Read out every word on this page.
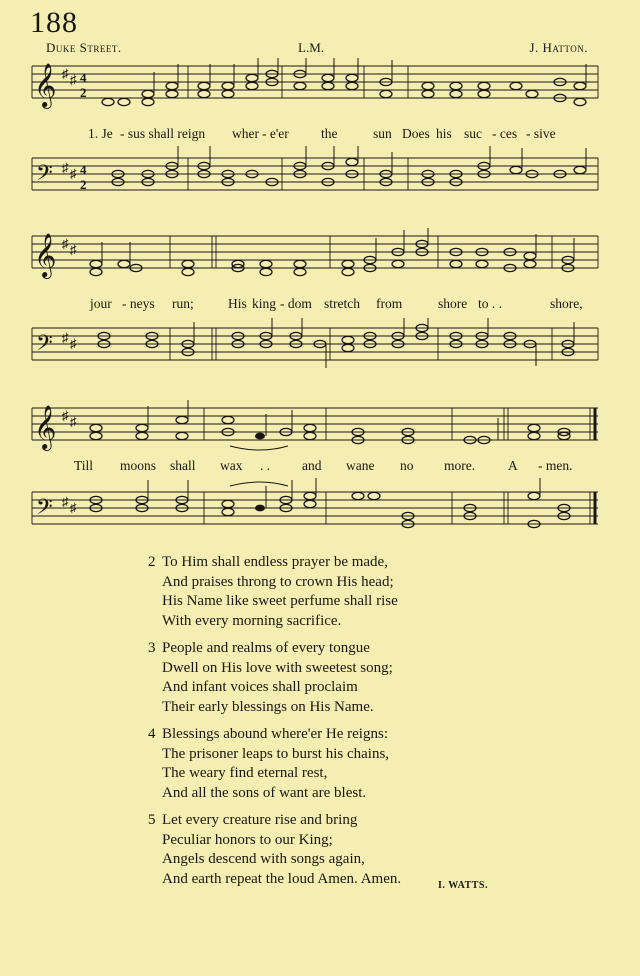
188
Duke Street.	L.M.	J. Hatton.
𝄞 ♯ ♯ 4
2
1. Je - sus shall reign wher - e'er the	sun Does his suc - ces - sive
𝄢 ♯ ♯ 4
2
𝄞 ♯ ♯
jour - neys run;	His king - dom stretch from	shore to . .	shore,
𝄢 ♯ ♯
𝄞 ♯ ♯
Till moons shall wax . . and wane no more. A - men.
𝄢 ♯ ♯
2 To Him shall endless prayer be made,
And praises throng to crown His head;
His Name like sweet perfume shall rise
With every morning sacrifice.
3 People and realms of every tongue
Dwell on His love with sweetest song;
And infant voices shall proclaim
Their early blessings on His Name.
4 Blessings abound where'er He reigns:
The prisoner leaps to burst his chains,
The weary find eternal rest,
And all the sons of want are blest.
5 Let every creature rise and bring
Peculiar honors to our King;
Angels descend with songs again,
And earth repeat the loud Amen. Amen.	I. WATTS.
